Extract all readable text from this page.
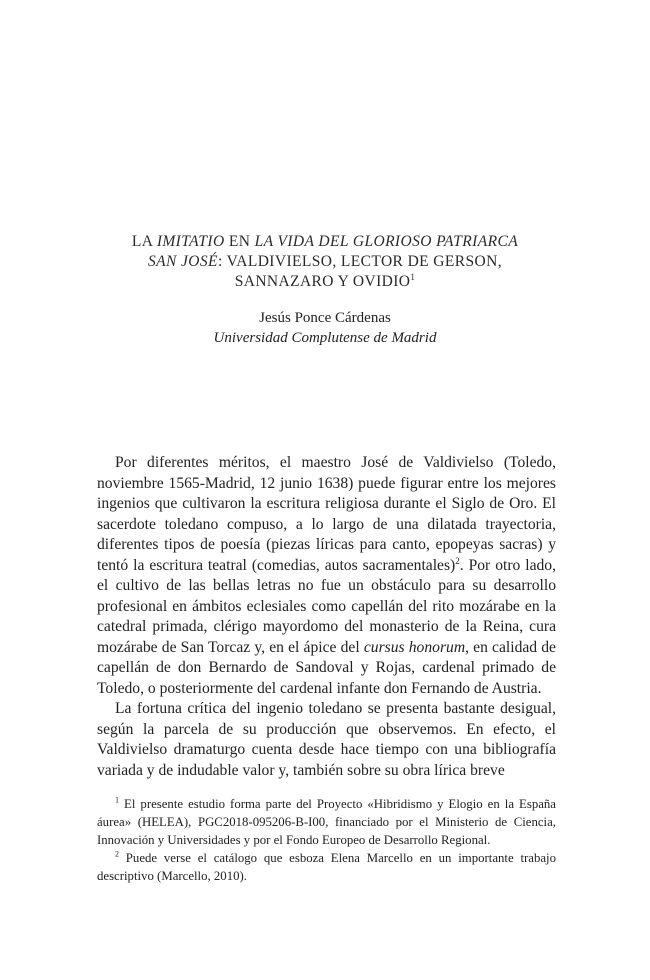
LA IMITATIO EN LA VIDA DEL GLORIOSO PATRIARCA
SAN JOSÉ: VALDIVIELSO, LECTOR DE GERSON,
SANNAZARO Y OVIDIO$^1$
Jesús Ponce Cárdenas
Universidad Complutense de Madrid

Por diferentes méritos, el maestro José de Valdivielso (Toledo, noviembre 1565-Madrid, 12 junio 1638) puede figurar entre los mejores ingenios que cultivaron la escritura religiosa durante el Siglo de Oro. El sacerdote toledano compuso, a lo largo de una dilatada trayectoria, diferentes tipos de poesía (piezas líricas para canto, epopeyas sacras) y tentó la escritura teatral (comedias, autos sacramentales)$^2$. Por otro lado, el cultivo de las bellas letras no fue un obstáculo para su desarrollo profesional en ámbitos eclesiales como capellán del rito mozárabe en la catedral primada, clérigo mayordomo del monasterio de la Reina, cura mozárabe de San Torcaz y, en el ápice del cursus honorum, en calidad de capellán de don Bernardo de Sandoval y Rojas, cardenal primado de Toledo, o posteriormente del cardenal infante don Fernando de Austria.

La fortuna crítica del ingenio toledano se presenta bastante desigual, según la parcela de su producción que observemos. En efecto, el Valdivielso dramaturgo cuenta desde hace tiempo con una bibliografía variada y de indudable valor y, también sobre su obra lírica breve

$^1$ El presente estudio forma parte del Proyecto «Hibridismo y Elogio en la España áurea» (HELEA), PGC2018-095206-B-I00, financiado por el Ministerio de Ciencia, Innovación y Universidades y por el Fondo Europeo de Desarrollo Regional.

$^2$ Puede verse el catálogo que esboza Elena Marcello en un importante trabajo descriptivo (Marcello, 2010).
